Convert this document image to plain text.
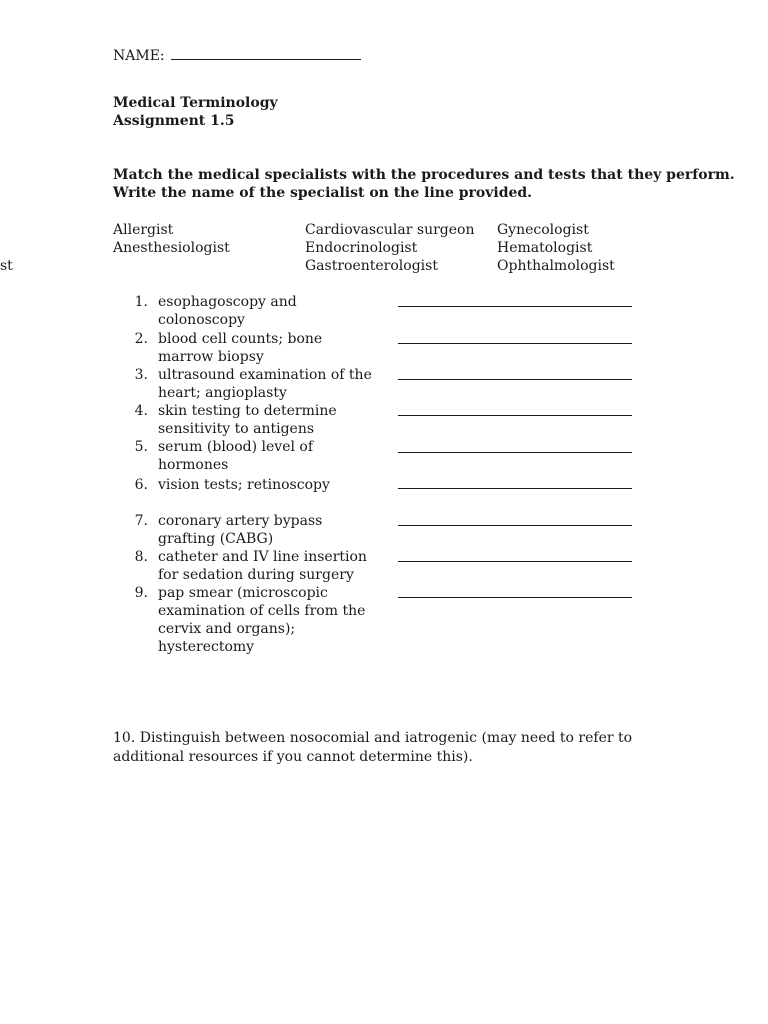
NAME:
Medical Terminology
Assignment 1.5
Match the medical specialists with the procedures and tests that they perform.
Write the name of the specialist on the line provided.
Allergist
Anesthesiologist
Cardiovascular surgeon
Endocrinologist
Gastroenterologist
Gynecologist
Hematologist
Ophthalmologist
st
1. esophagoscopy and colonoscopy
2. blood cell counts; bone marrow biopsy
3. ultrasound examination of the heart; angioplasty
4. skin testing to determine sensitivity to antigens
5. serum (blood) level of hormones
6. vision tests; retinoscopy
7. coronary artery bypass grafting (CABG)
8. catheter and IV line insertion for sedation during surgery
9. pap smear (microscopic examination of cells from the cervix and organs); hysterectomy
10. Distinguish between nosocomial and iatrogenic (may need to refer to additional resources if you cannot determine this).
